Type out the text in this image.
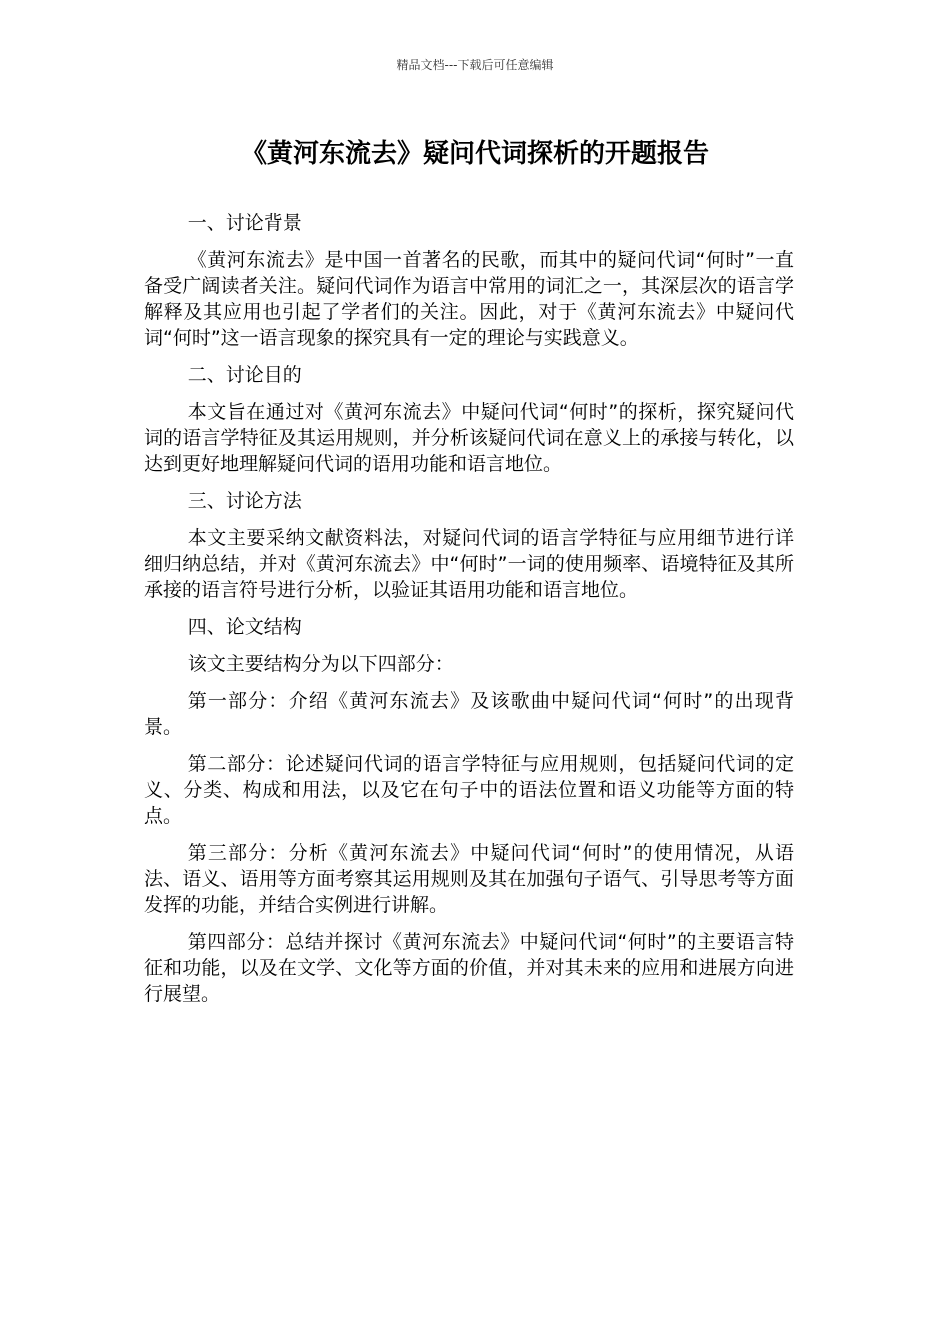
精品文档---下载后可任意编辑
《黄河东流去》疑问代词探析的开题报告

一、讨论背景

《黄河东流去》是中国一首著名的民歌，而其中的疑问代词“何时”一直备受广阔读者关注。疑问代词作为语言中常用的词汇之一，其深层次的语言学解释及其应用也引起了学者们的关注。因此，对于《黄河东流去》中疑问代词“何时”这一语言现象的探究具有一定的理论与实践意义。

二、讨论目的

本文旨在通过对《黄河东流去》中疑问代词“何时”的探析，探究疑问代词的语言学特征及其运用规则，并分析该疑问代词在意义上的承接与转化，以达到更好地理解疑问代词的语用功能和语言地位。

三、讨论方法

本文主要采纳文献资料法，对疑问代词的语言学特征与应用细节进行详细归纳总结，并对《黄河东流去》中“何时”一词的使用频率、语境特征及其所承接的语言符号进行分析，以验证其语用功能和语言地位。

四、论文结构

该文主要结构分为以下四部分：

第一部分：介绍《黄河东流去》及该歌曲中疑问代词“何时”的出现背景。

第二部分：论述疑问代词的语言学特征与应用规则，包括疑问代词的定义、分类、构成和用法，以及它在句子中的语法位置和语义功能等方面的特点。

第三部分：分析《黄河东流去》中疑问代词“何时”的使用情况，从语法、语义、语用等方面考察其运用规则及其在加强句子语气、引导思考等方面发挥的功能，并结合实例进行讲解。

第四部分：总结并探讨《黄河东流去》中疑问代词“何时”的主要语言特征和功能，以及在文学、文化等方面的价值，并对其未来的应用和进展方向进行展望。
